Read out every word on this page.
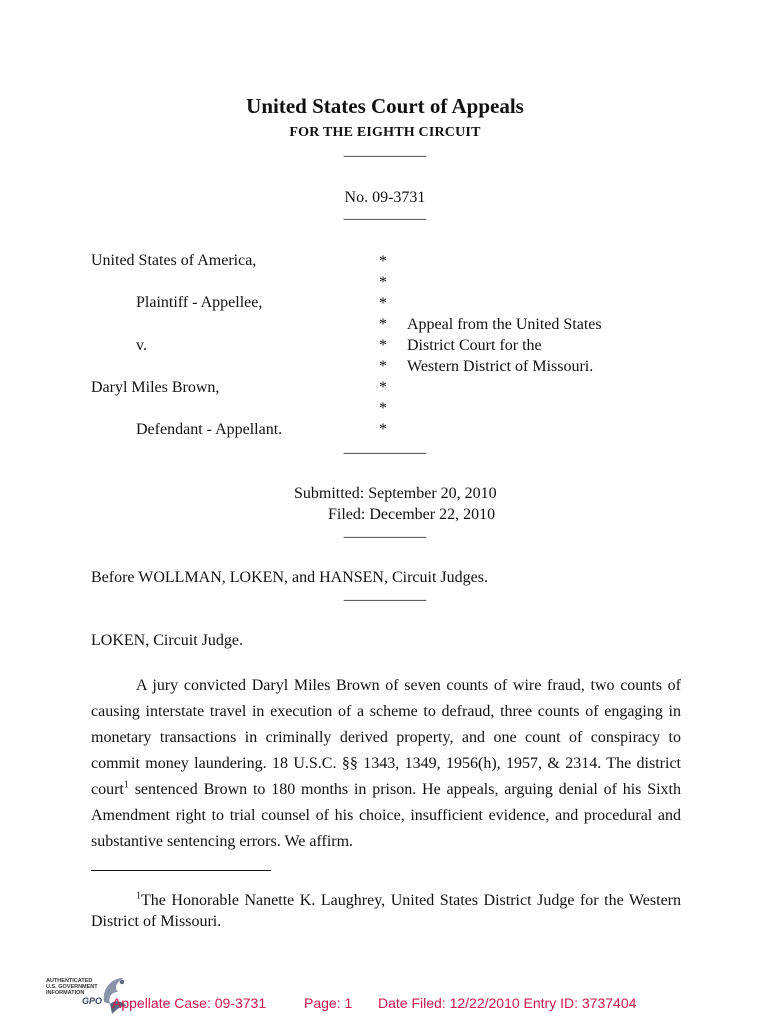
United States Court of Appeals
FOR THE EIGHTH CIRCUIT
___________
No. 09-3731
___________
United States of America,
Plaintiff - Appellee,
v.
Daryl Miles Brown,
Defendant - Appellant.
*
*
*
*
*
*
*
*
*
Appeal from the United States
District Court for the
Western District of Missouri.
___________
Submitted: September 20, 2010
Filed: December 22, 2010
___________
Before WOLLMAN, LOKEN, and HANSEN, Circuit Judges.
___________
LOKEN, Circuit Judge.
A jury convicted Daryl Miles Brown of seven counts of wire fraud, two counts of causing interstate travel in execution of a scheme to defraud, three counts of engaging in monetary transactions in criminally derived property, and one count of conspiracy to commit money laundering. 18 U.S.C. §§ 1343, 1349, 1956(h), 1957, & 2314. The district court$^1$ sentenced Brown to 180 months in prison. He appeals, arguing denial of his Sixth Amendment right to trial counsel of his choice, insufficient evidence, and procedural and substantive sentencing errors. We affirm.
$^1$The Honorable Nanette K. Laughrey, United States District Judge for the Western District of Missouri.
AUTHENTICATED
U.S. GOVERNMENT
INFORMATION
GPO Appellate Case: 09-3731	Page: 1 Date Filed: 12/22/2010 Entry ID: 3737404
